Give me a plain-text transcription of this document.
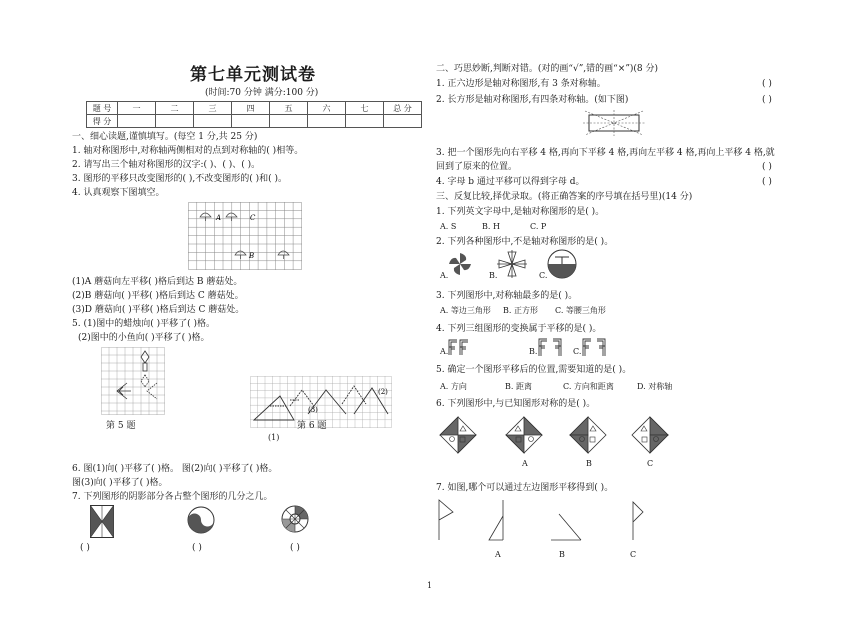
第七单元测试卷
(时间:70 分钟 满分:100 分)
题 号	一	二	三	四	五	六	七	总 分
得 分								
一、细心读题,谨慎填写。(每空 1 分,共 25 分)
1. 轴对称图形中,对称轴两侧相对的点到对称轴的( )相等。
2. 请写出三个轴对称图形的汉字:( )、( )、( )。
3. 图形的平移只改变图形的( ),不改变图形的( )和( )。
4. 认真观察下图填空。
A
B
C
(1)A 蘑菇向左平移( )格后到达 B 蘑菇处。
(2)B 蘑菇向( )平移( )格后到达 C 蘑菇处。
(3)D 蘑菇向( )平移( )格后到达 C 蘑菇处。
5. (1)图中的蜡烛向( )平移了( )格。
(2)图中的小鱼向( )平移了( )格。
第 5 题
(3)
(2)
(1)
第 6 题
6. 图(1)向( )平移了( )格。 图(2)向( )平移了( )格。
图(3)向( )平移了( )格。
7. 下列图形的阴影部分各占整个图形的几分之几。
( )	( )	( )
二、巧思妙断,判断对错。(对的画“√”,错的画“×”)(8 分)
1. 正六边形是轴对称图形,有 3 条对称轴。	( )
2. 长方形是轴对称图形,有四条对称轴。(如下图)	( )
3. 把一个图形先向右平移 4 格,再向下平移 4 格,再向左平移 4 格,再向上平移 4 格,就
回到了原来的位置。	( )
4. 字母 b 通过平移可以得到字母 d。	( )
三、反复比较,择优录取。(将正确答案的序号填在括号里)(14 分)
1. 下列英文字母中,是轴对称图形的是( )。
A. S	B. H	C. P
2. 下列各种图形中,不是轴对称图形的是( )。
A.	B.	C.
3. 下列图形中,对称轴最多的是( )。
A. 等边三角形 B. 正方形 C. 等腰三角形
4. 下列三组图形的变换属于平移的是( )。
A.	B.	C.
5. 确定一个图形平移后的位置,需要知道的是( )。
A. 方向	B. 距离	C. 方向和距离	D. 对称轴
6. 下列图形中,与已知图形对称的是( )。
A	B	C
7. 如图,哪个可以通过左边图形平移得到( )。
A	B	C
1
